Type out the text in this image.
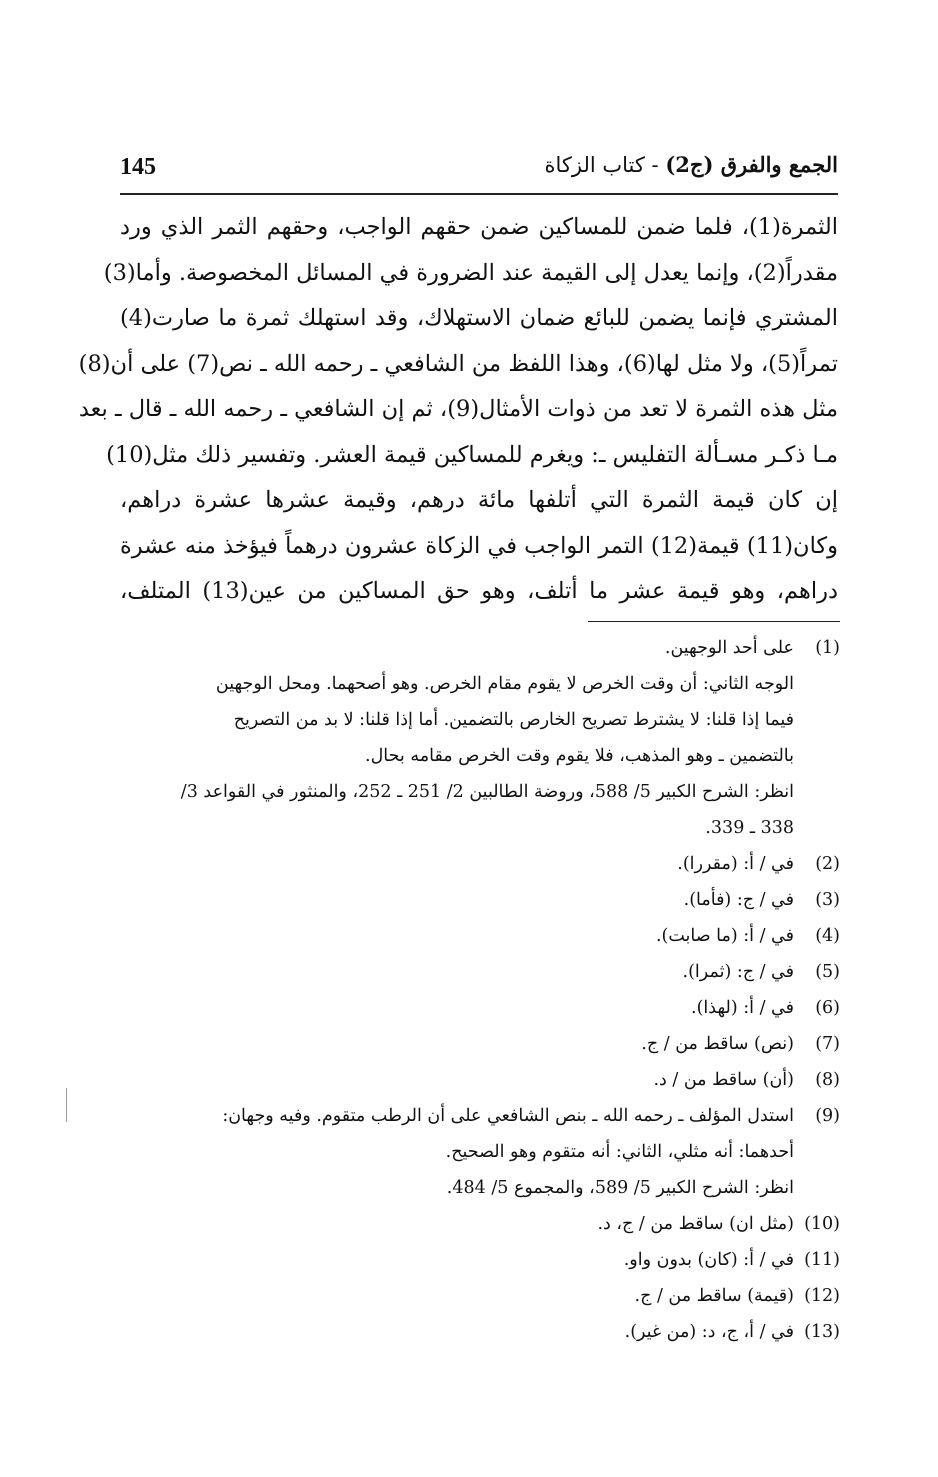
145	الجمع والفرق (ج2) - كتاب الزكاة
الثمرة(1)، فلما ضمن للمساكين ضمن حقهم الواجب، وحقهم الثمر الذي ورد
مقدراً(2)، وإنما يعدل إلى القيمة عند الضرورة في المسائل المخصوصة. وأما(3)
المشتري فإنما يضمن للبائع ضمان الاستهلاك، وقد استهلك ثمرة ما صارت(4)
تمراً(5)، ولا مثل لها(6)، وهذا اللفظ من الشافعي ـ رحمه الله ـ نص(7) على أن(8)
مثل هذه الثمرة لا تعد من ذوات الأمثال(9)، ثم إن الشافعي ـ رحمه الله ـ قال ـ بعد
مـا ذكـر مسـألة التفليس ـ: ويغرم للمساكين قيمة العشر. وتفسير ذلك مثل(10)
إن كان قيمة الثمرة التي أتلفها مائة درهم، وقيمة عشرها عشرة دراهم،
وكان(11) قيمة(12) التمر الواجب في الزكاة عشرون درهماً فيؤخذ منه عشرة
دراهم، وهو قيمة عشر ما أتلف، وهو حق المساكين من عين(13) المتلف،
(1)
على أحد الوجهين.
الوجه الثاني: أن وقت الخرص لا يقوم مقام الخرص. وهو أصحهما. ومحل الوجهين
فيما إذا قلنا: لا يشترط تصريح الخارص بالتضمين. أما إذا قلنا: لا بد من التصريح
بالتضمين ـ وهو المذهب، فلا يقوم وقت الخرص مقامه بحال.
انظر: الشرح الكبير 5/ 588، وروضة الطالبين 2/ 251 ـ 252، والمنثور في القواعد 3/
338 ـ 339.
(2)
في / أ: (مقررا).
(3)
في / ج: (فأما).
(4)
في / أ: (ما صابت).
(5)
في / ج: (ثمرا).
(6)
في / أ: (لهذا).
(7)
(نص) ساقط من / ج.
(8)
(أن) ساقط من / د.
(9)
استدل المؤلف ـ رحمه الله ـ بنص الشافعي على أن الرطب متقوم. وفيه وجهان:
أحدهما: أنه مثلي، الثاني: أنه متقوم وهو الصحيح.
انظر: الشرح الكبير 5/ 589، والمجموع 5/ 484.
(10)
(مثل ان) ساقط من / ج، د.
(11)
في / أ: (كان) بدون واو.
(12)
(قيمة) ساقط من / ج.
(13)
في / أ، ج، د: (من غير).
